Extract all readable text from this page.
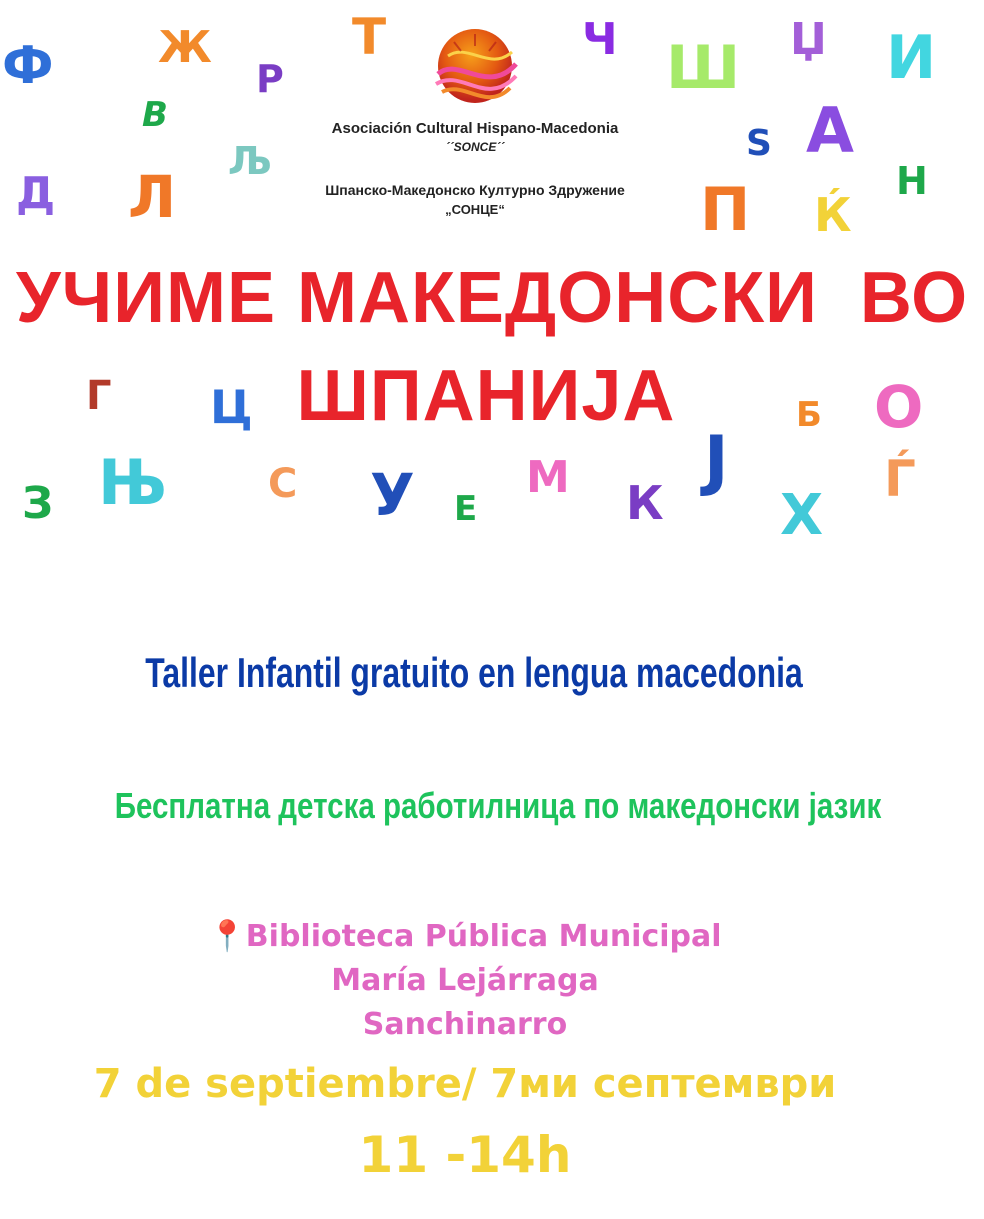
Ф Ж	Т
Р
Ч Ш Џ И
В
Љ	S А
Д Л	Н
П Ќ
Г Ц	Б О
З Њ С У Е
М К
Ј
Х
Ѓ
Asociación Cultural Hispano-Macedonia
´´SONCE´´
Шпанско-Македонско Културно Здружение
„СОНЦЕ“
УЧИМЕ МАКЕДОНСКИ  ВО
ШПАНИЈА
Taller Infantil gratuito en lengua macedonia
Бесплатна детска работилница по македонски јазик
📍Biblioteca Pública Municipal
María Lejárraga
Sanchinarro
7 de septiembre/ 7ми септември
11 -14h
